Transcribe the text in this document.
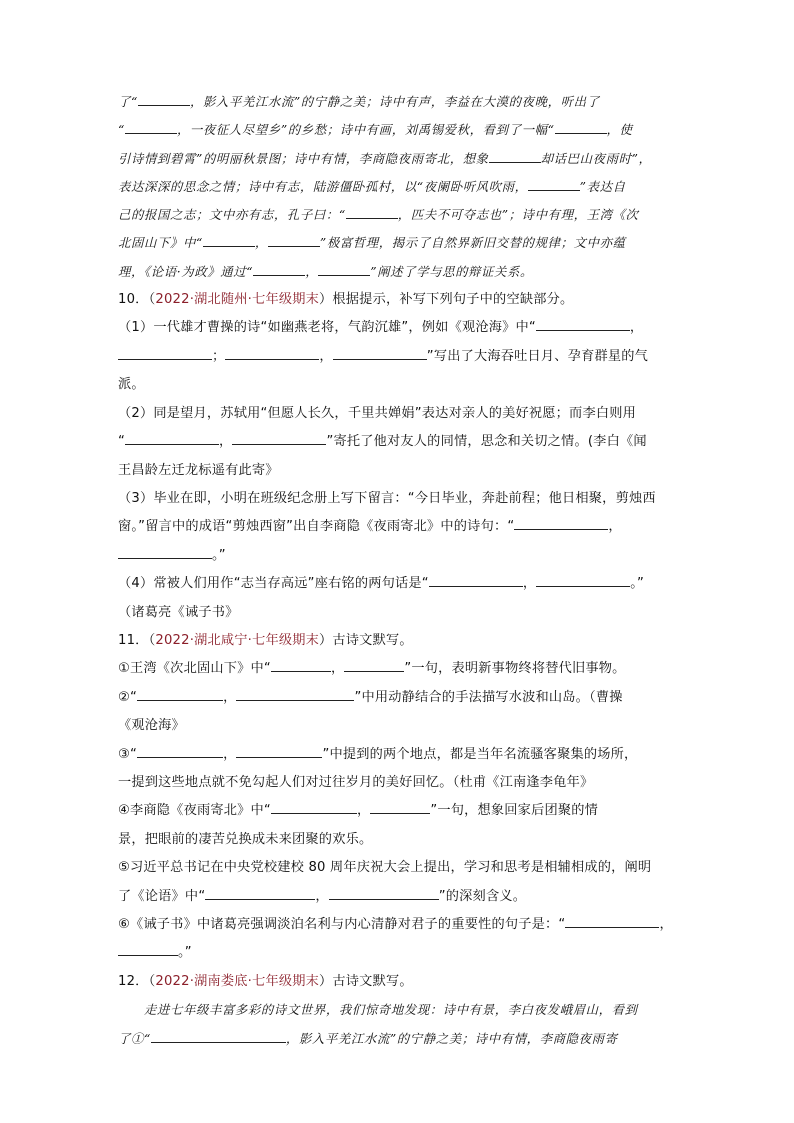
了“	，影入平羌江水流”的宁静之美；诗中有声，李益在大漠的夜晚，听出了

“	，一夜征人尽望乡”的乡愁；诗中有画，刘禹锡爱秋，看到了一幅“	，使

引诗情到碧霄”的明丽秋景图；诗中有情，李商隐夜雨寄北，想象	却话巴山夜雨时”，

表达深深的思念之情；诗中有志，陆游僵卧孤村，以“夜阑卧听风吹雨，	”表达自

己的报国之志；文中亦有志，孔子曰：“	，匹夫不可夺志也”；诗中有理，王湾《次

北固山下》中“	，	”极富哲理，揭示了自然界新旧交替的规律；文中亦蕴

理，《论语·为政》通过“	，	”阐述了学与思的辩证关系。

10．（2022·湖北随州·七年级期末）根据提示，补写下列句子中的空缺部分。

（1）一代雄才曹操的诗“如幽燕老将，气韵沉雄”，例如《观沧海》中“	，

；	，	”写出了大海吞吐日月、孕育群星的气

派。

（2）同是望月，苏轼用“但愿人长久，千里共婵娟”表达对亲人的美好祝愿；而李白则用

“	，	”寄托了他对友人的同情，思念和关切之情。(李白《闻

王昌龄左迁龙标遥有此寄》

（3）毕业在即，小明在班级纪念册上写下留言：“今日毕业，奔赴前程；他日相聚，剪烛西

窗。”留言中的成语“剪烛西窗”出自李商隐《夜雨寄北》中的诗句：“	，

。”

（4）常被人们用作“志当存高远”座右铭的两句话是“	，	。”

（诸葛亮《诫子书》

11．（2022·湖北咸宁·七年级期末）古诗文默写。

①王湾《次北固山下》中“	，	”一句，表明新事物终将替代旧事物。

②“	，	”中用动静结合的手法描写水波和山岛。（曹操

《观沧海》

③“	，	”中提到的两个地点，都是当年名流骚客聚集的场所，

一提到这些地点就不免勾起人们对过往岁月的美好回忆。（杜甫《江南逢李龟年》

④李商隐《夜雨寄北》中“	，	”一句，想象回家后团聚的情

景，把眼前的凄苦兑换成未来团聚的欢乐。

⑤习近平总书记在中央党校建校 80 周年庆祝大会上提出，学习和思考是相辅相成的，阐明

了《论语》中“	，	”的深刻含义。

⑥《诫子书》中诸葛亮强调淡泊名利与内心清静对君子的重要性的句子是：“	，

。”

12．（2022·湖南娄底·七年级期末）古诗文默写。

走进七年级丰富多彩的诗文世界，我们惊奇地发现：诗中有景，李白夜发峨眉山，看到

了①“	，影入平羌江水流”的宁静之美；诗中有情，李商隐夜雨寄
